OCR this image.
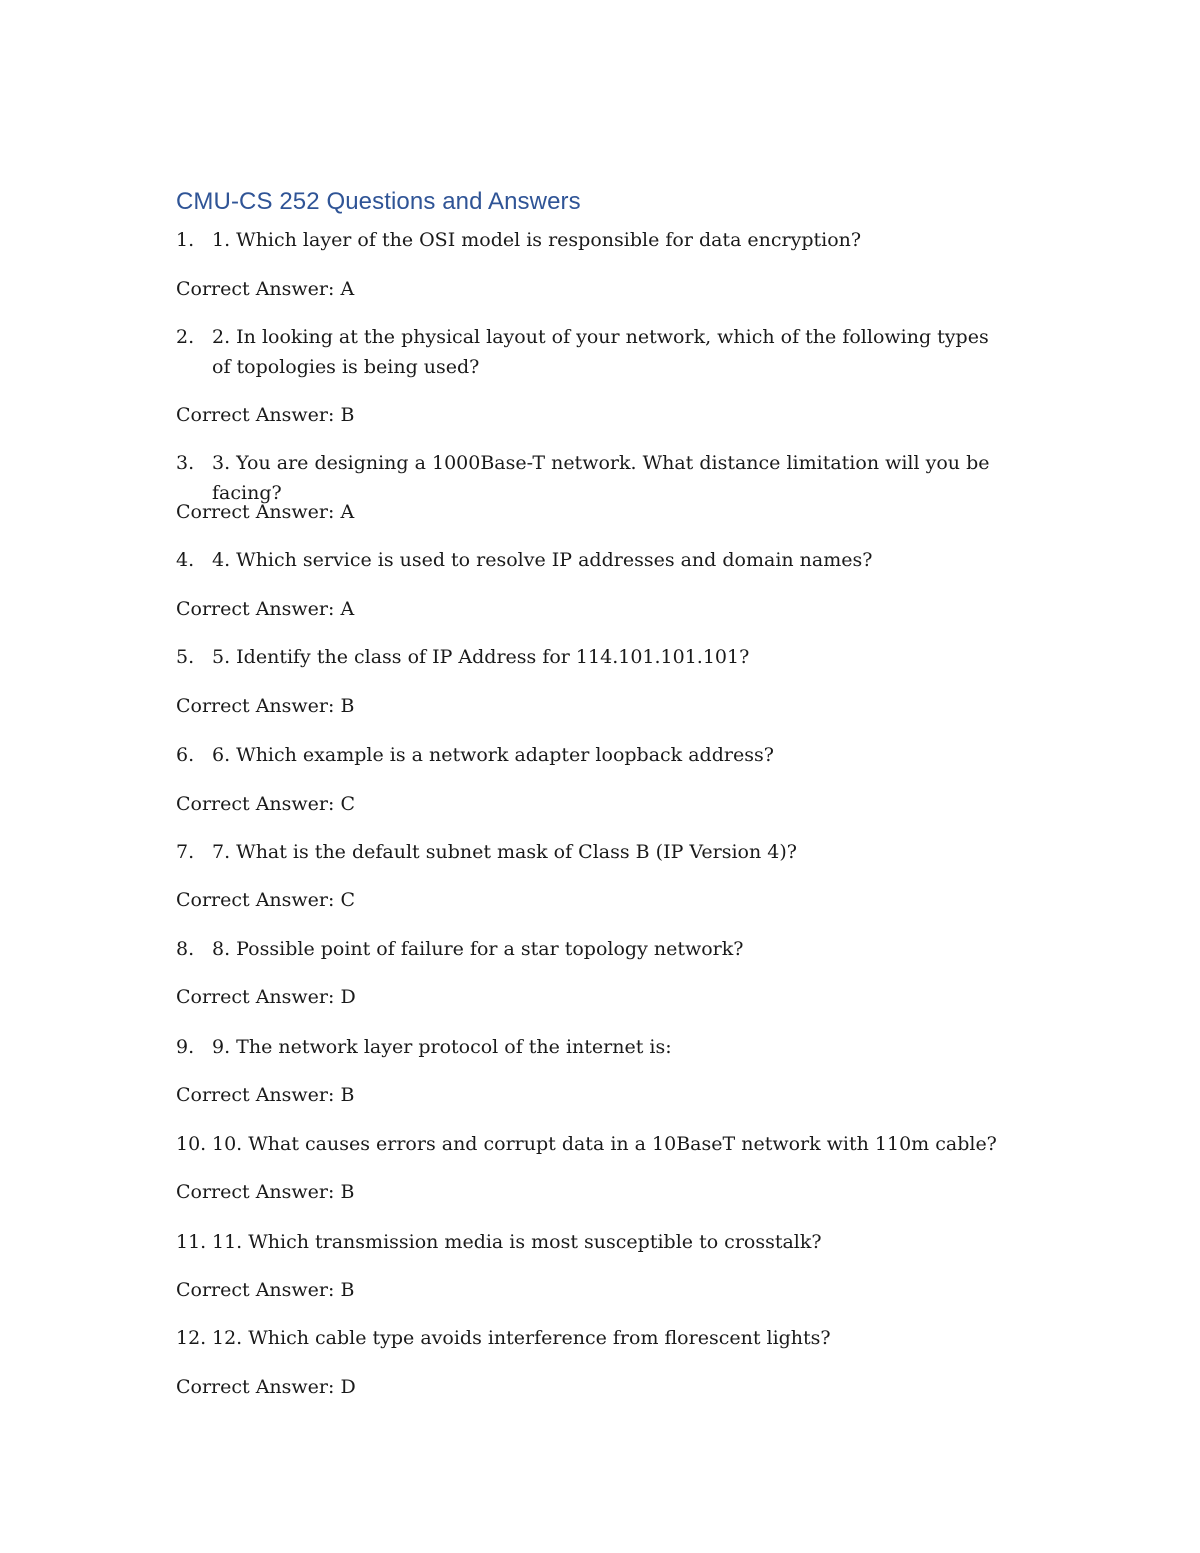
CMU-CS 252 Questions and Answers
1. 1. Which layer of the OSI model is responsible for data encryption?
Correct Answer: A
2. 2. In looking at the physical layout of your network, which of the following types of topologies is being used?
Correct Answer: B
3. 3. You are designing a 1000Base-T network. What distance limitation will you be facing?
Correct Answer: A
4. 4. Which service is used to resolve IP addresses and domain names?
Correct Answer: A
5. 5. Identify the class of IP Address for 114.101.101.101?
Correct Answer: B
6. 6. Which example is a network adapter loopback address?
Correct Answer: C
7. 7. What is the default subnet mask of Class B (IP Version 4)?
Correct Answer: C
8. 8. Possible point of failure for a star topology network?
Correct Answer: D
9. 9. The network layer protocol of the internet is:
Correct Answer: B
10. 10. What causes errors and corrupt data in a 10BaseT network with 110m cable?
Correct Answer: B
11. 11. Which transmission media is most susceptible to crosstalk?
Correct Answer: B
12. 12. Which cable type avoids interference from florescent lights?
Correct Answer: D
